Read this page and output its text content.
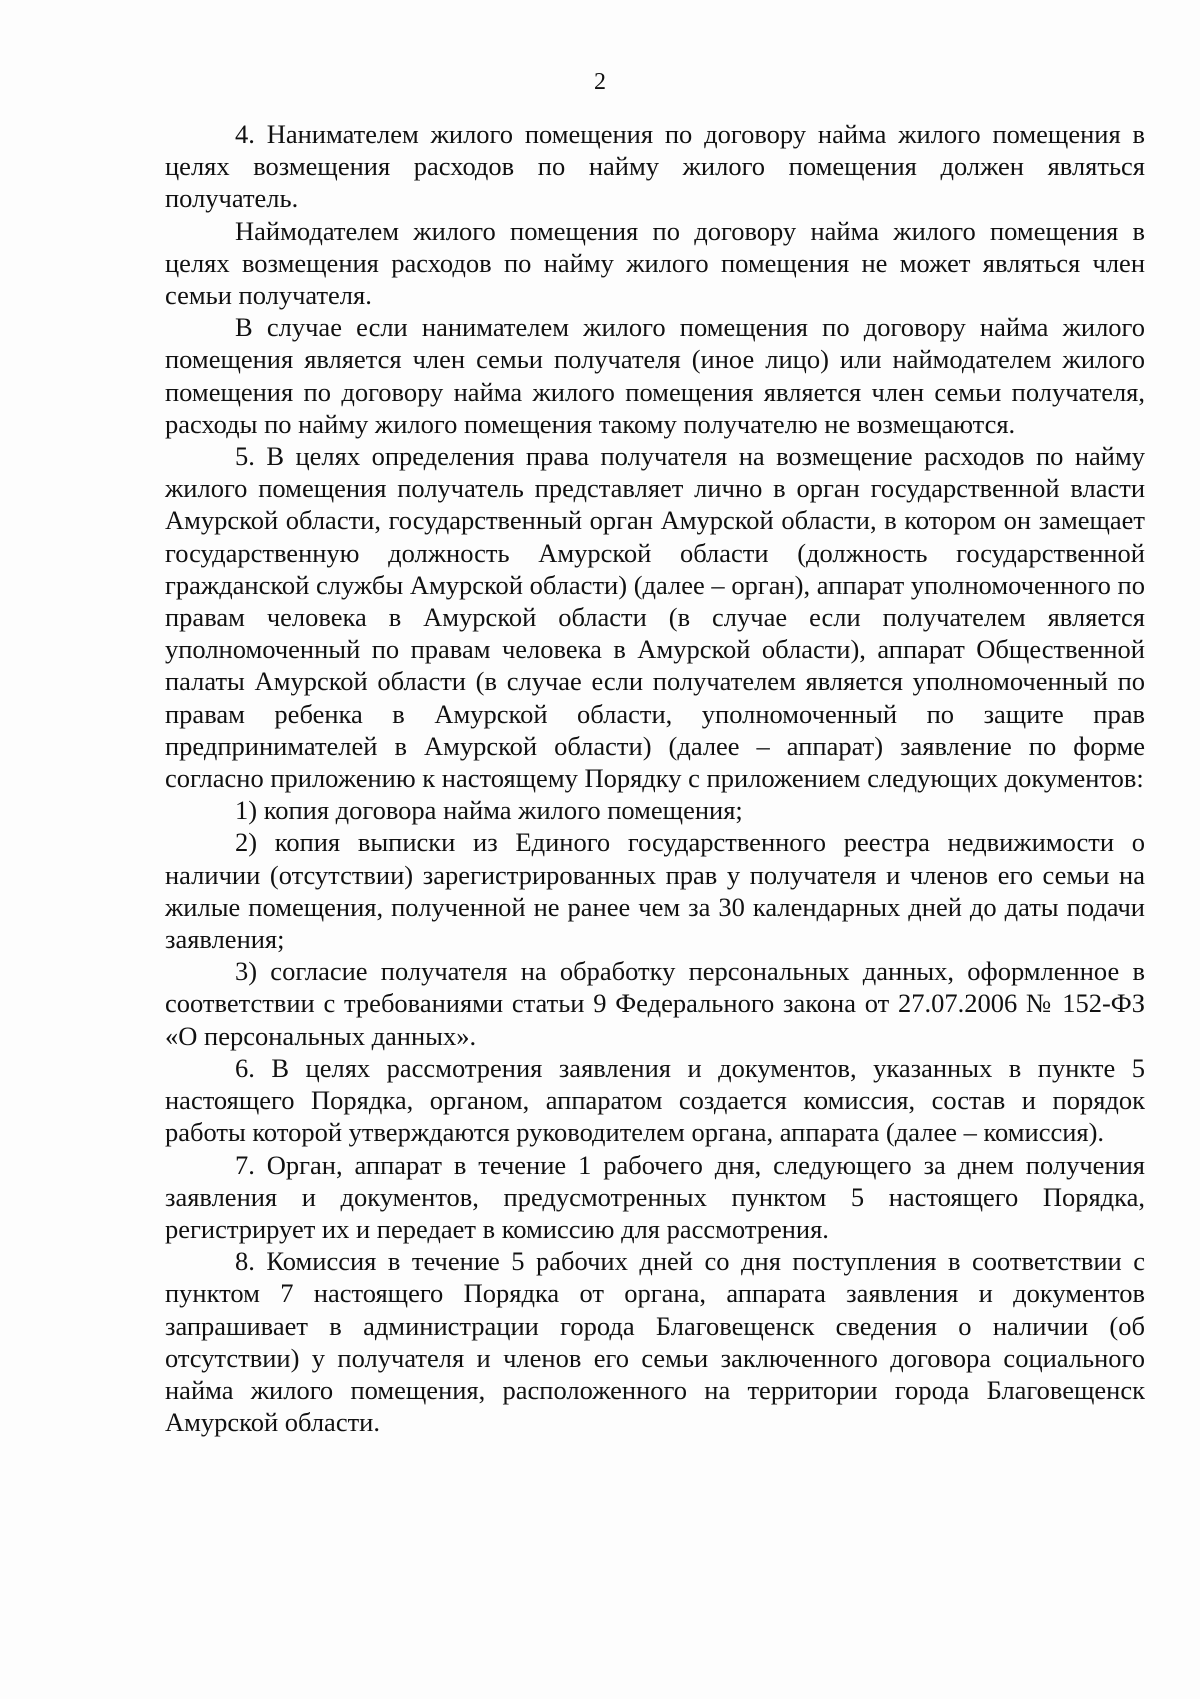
2

4. Нанимателем жилого помещения по договору найма жилого помещения в целях возмещения расходов по найму жилого помещения должен являться получатель.

Наймодателем жилого помещения по договору найма жилого помещения в целях возмещения расходов по найму жилого помещения не может являться член семьи получателя.

В случае если нанимателем жилого помещения по договору найма жилого помещения является член семьи получателя (иное лицо) или наймодателем жилого помещения по договору найма жилого помещения является член семьи получателя, расходы по найму жилого помещения такому получателю не возмещаются.

5. В целях определения права получателя на возмещение расходов по найму жилого помещения получатель представляет лично в орган государственной власти Амурской области, государственный орган Амурской области, в котором он замещает государственную должность Амурской области (должность государственной гражданской службы Амурской области) (далее – орган), аппарат уполномоченного по правам человека в Амурской области (в случае если получателем является уполномоченный по правам человека в Амурской области), аппарат Общественной палаты Амурской области (в случае если получателем является уполномоченный по правам ребенка в Амурской области, уполномоченный по защите прав предпринимателей в Амурской области) (далее – аппарат) заявление по форме согласно приложению к настоящему Порядку с приложением следующих документов:

1) копия договора найма жилого помещения;

2) копия выписки из Единого государственного реестра недвижимости о наличии (отсутствии) зарегистрированных прав у получателя и членов его семьи на жилые помещения, полученной не ранее чем за 30 календарных дней до даты подачи заявления;

3) согласие получателя на обработку персональных данных, оформленное в соответствии с требованиями статьи 9 Федерального закона от 27.07.2006 № 152-ФЗ «О персональных данных».

6. В целях рассмотрения заявления и документов, указанных в пункте 5 настоящего Порядка, органом, аппаратом создается комиссия, состав и порядок работы которой утверждаются руководителем органа, аппарата (далее – комиссия).

7. Орган, аппарат в течение 1 рабочего дня, следующего за днем получения заявления и документов, предусмотренных пунктом 5 настоящего Порядка, регистрирует их и передает в комиссию для рассмотрения.

8. Комиссия в течение 5 рабочих дней со дня поступления в соответствии с пунктом 7 настоящего Порядка от органа, аппарата заявления и документов запрашивает в администрации города Благовещенск сведения о наличии (об отсутствии) у получателя и членов его семьи заключенного договора социального найма жилого помещения, расположенного на территории города Благовещенск Амурской области.
